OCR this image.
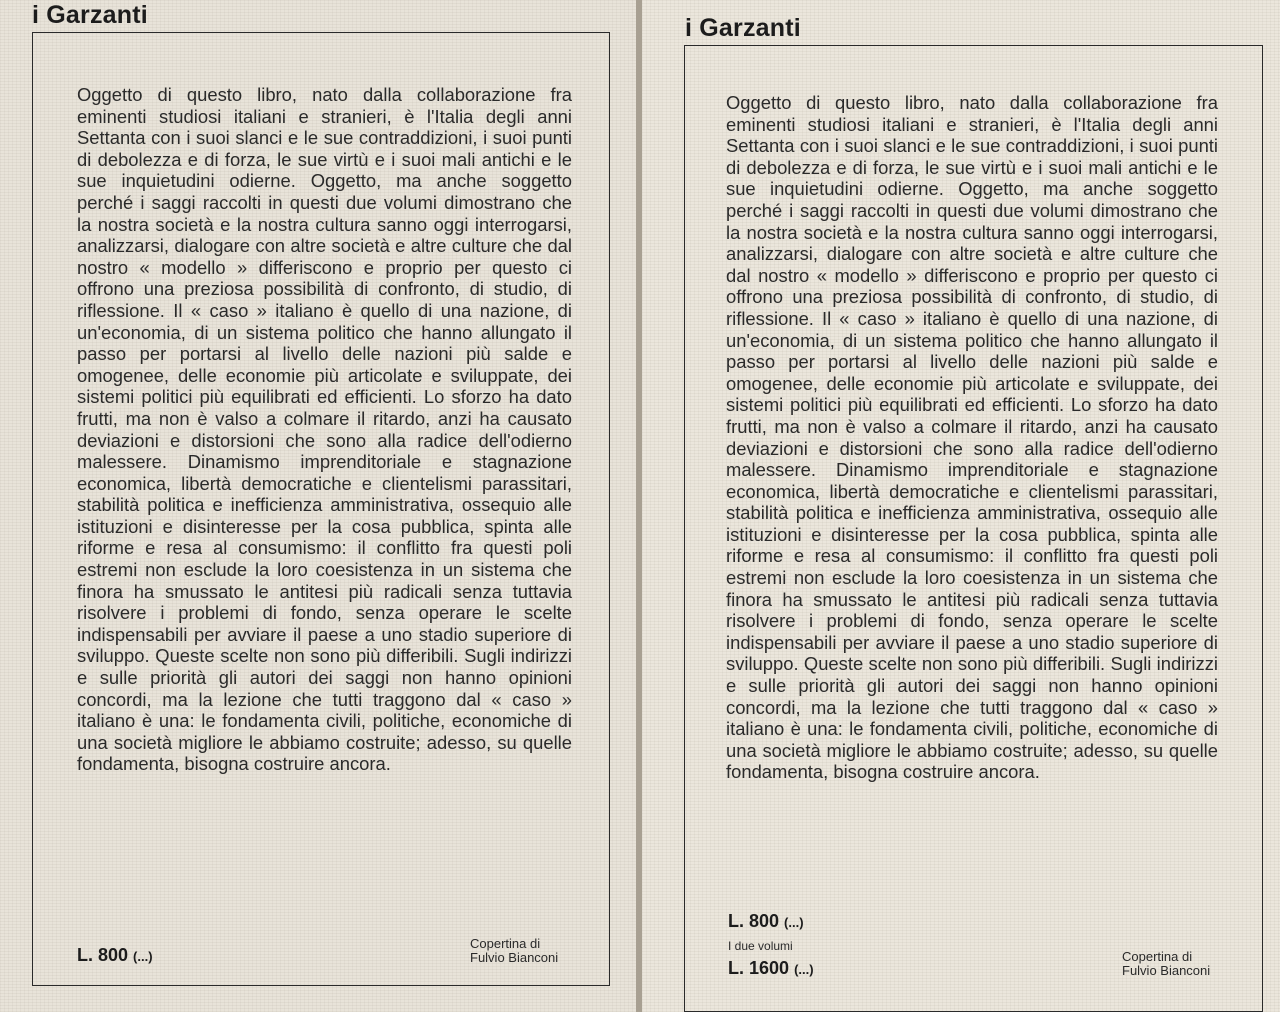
i Garzanti

Oggetto di questo libro, nato dalla collaborazione fra eminenti studiosi italiani e stranieri, è l'Italia degli anni Settanta con i suoi slanci e le sue contraddizioni, i suoi punti di debolezza e di forza, le sue virtù e i suoi mali antichi e le sue inquietudini odierne. Oggetto, ma anche soggetto perché i saggi raccolti in questi due volumi dimostrano che la nostra società e la nostra cultura sanno oggi interrogarsi, analizzarsi, dialogare con altre società e altre culture che dal nostro « modello » differiscono e proprio per questo ci offrono una preziosa possibilità di confronto, di studio, di riflessione. Il « caso » italiano è quello di una nazione, di un'economia, di un sistema politico che hanno allungato il passo per portarsi al livello delle nazioni più salde e omogenee, delle economie più articolate e sviluppate, dei sistemi politici più equilibrati ed efficienti. Lo sforzo ha dato frutti, ma non è valso a colmare il ritardo, anzi ha causato deviazioni e distorsioni che sono alla radice dell'odierno malessere. Dinamismo imprenditoriale e stagnazione economica, libertà democratiche e clientelismi parassitari, stabilità politica e inefficienza amministrativa, ossequio alle istituzioni e disinteresse per la cosa pubblica, spinta alle riforme e resa al consumismo: il conflitto fra questi poli estremi non esclude la loro coesistenza in un sistema che finora ha smussato le antitesi più radicali senza tuttavia risolvere i problemi di fondo, senza operare le scelte indispensabili per avviare il paese a uno stadio superiore di sviluppo. Queste scelte non sono più differibili. Sugli indirizzi e sulle priorità gli autori dei saggi non hanno opinioni concordi, ma la lezione che tutti traggono dal « caso » italiano è una: le fondamenta civili, politiche, economiche di una società migliore le abbiamo costruite; adesso, su quelle fondamenta, bisogna costruire ancora.

L. 800 (...)
Copertina di
Fulvio Bianconi
i Garzanti

Oggetto di questo libro, nato dalla collaborazione fra eminenti studiosi italiani e stranieri, è l'Italia degli anni Settanta con i suoi slanci e le sue contraddizioni, i suoi punti di debolezza e di forza, le sue virtù e i suoi mali antichi e le sue inquietudini odierne. Oggetto, ma anche soggetto perché i saggi raccolti in questi due volumi dimostrano che la nostra società e la nostra cultura sanno oggi interrogarsi, analizzarsi, dialogare con altre società e altre culture che dal nostro « modello » differiscono e proprio per questo ci offrono una preziosa possibilità di confronto, di studio, di riflessione. Il « caso » italiano è quello di una nazione, di un'economia, di un sistema politico che hanno allungato il passo per portarsi al livello delle nazioni più salde e omogenee, delle economie più articolate e sviluppate, dei sistemi politici più equilibrati ed efficienti. Lo sforzo ha dato frutti, ma non è valso a colmare il ritardo, anzi ha causato deviazioni e distorsioni che sono alla radice dell'odierno malessere. Dinamismo imprenditoriale e stagnazione economica, libertà democratiche e clientelismi parassitari, stabilità politica e inefficienza amministrativa, ossequio alle istituzioni e disinteresse per la cosa pubblica, spinta alle riforme e resa al consumismo: il conflitto fra questi poli estremi non esclude la loro coesistenza in un sistema che finora ha smussato le antitesi più radicali senza tuttavia risolvere i problemi di fondo, senza operare le scelte indispensabili per avviare il paese a uno stadio superiore di sviluppo. Queste scelte non sono più differibili. Sugli indirizzi e sulle priorità gli autori dei saggi non hanno opinioni concordi, ma la lezione che tutti traggono dal « caso » italiano è una: le fondamenta civili, politiche, economiche di una società migliore le abbiamo costruite; adesso, su quelle fondamenta, bisogna costruire ancora.

L. 800 (...)
I due volumi
L. 1600 (...)
Copertina di
Fulvio Bianconi
